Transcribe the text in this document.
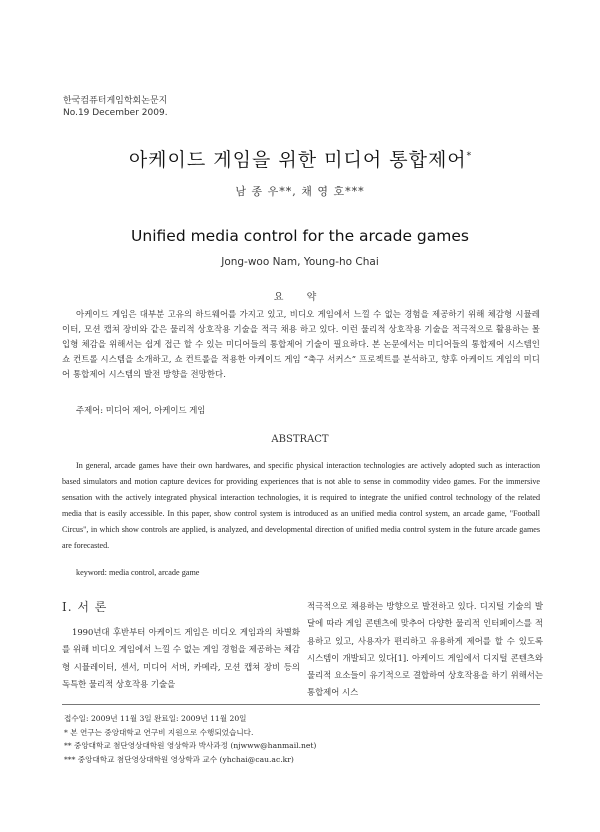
한국컴퓨터게임학회논문지
No.19 December 2009.
아케이드 게임을 위한 미디어 통합제어*
남 종 우**, 채 영 호***
Unified media control for the arcade games
Jong-woo Nam, Young-ho Chai
요 약

아케이드 게임은 대부분 고유의 하드웨어를 가지고 있고, 비디오 게임에서 느낄 수 없는 경험을 제공하기 위해 체감형 시뮬레이터, 모션 캡쳐 장비와 같은 물리적 상호작용 기술을 적극 채용 하고 있다. 이런 물리적 상호작용 기술을 적극적으로 활용하는 몰입형 체감을 위해서는 쉽게 접근 할 수 있는 미디어들의 통합제어 기술이 필요하다. 본 논문에서는 미디어들의 통합제어 시스템인 쇼 컨트롤 시스템을 소개하고, 쇼 컨트롤을 적용한 아케이드 게임 “축구 서커스” 프로젝트를 분석하고, 향후 아케이드 게임의 미디어 통합제어 시스템의 발전 방향을 전망한다.

주제어: 미디어 제어, 아케이드 게임
ABSTRACT

In general, arcade games have their own hardwares, and specific physical interaction technologies are actively adopted such as interaction based simulators and motion capture devices for providing experiences that is not able to sense in commodity video games. For the immersive sensation with the actively integrated physical interaction technologies, it is required to integrate the unified control technology of the related media that is easily accessible. In this paper, show control system is introduced as an unified media control system, an arcade game, "Football Circus", in which show controls are applied, is analyzed, and developmental direction of unified media control system in the future arcade games are forecasted.

keyword: media control, arcade game
Ⅰ. 서 론

1990년대 후반부터 아케이드 게임은 비디오 게임과의 차별화를 위해 비디오 게임에서 느낄 수 없는 게임 경험을 제공하는 체감형 시뮬레이터, 센서, 미디어 서버, 카메라, 모션 캡쳐 장비 등의 독특한 물리적 상호작용 기술을

적극적으로 채용하는 방향으로 발전하고 있다. 디지털 기술의 발달에 따라 게임 콘텐츠에 맞추어 다양한 물리적 인터페이스를 적용하고 있고, 사용자가 편리하고 유용하게 제어를 할 수 있도록 시스템이 개발되고 있다[1]. 아케이드 게임에서 디지털 콘텐츠와 물리적 요소들이 유기적으로 결합하여 상호작용을 하기 위해서는 통합제어 시스

접수일: 2009년 11월 3일 완료일: 2009년 11월 20일
* 본 연구는 중앙대학교 연구비 지원으로 수행되었습니다.
** 중앙대학교 첨단영상대학원 영상학과 박사과정 (njwww@hanmail.net)
*** 중앙대학교 첨단영상대학원 영상학과 교수 (yhchai@cau.ac.kr)
